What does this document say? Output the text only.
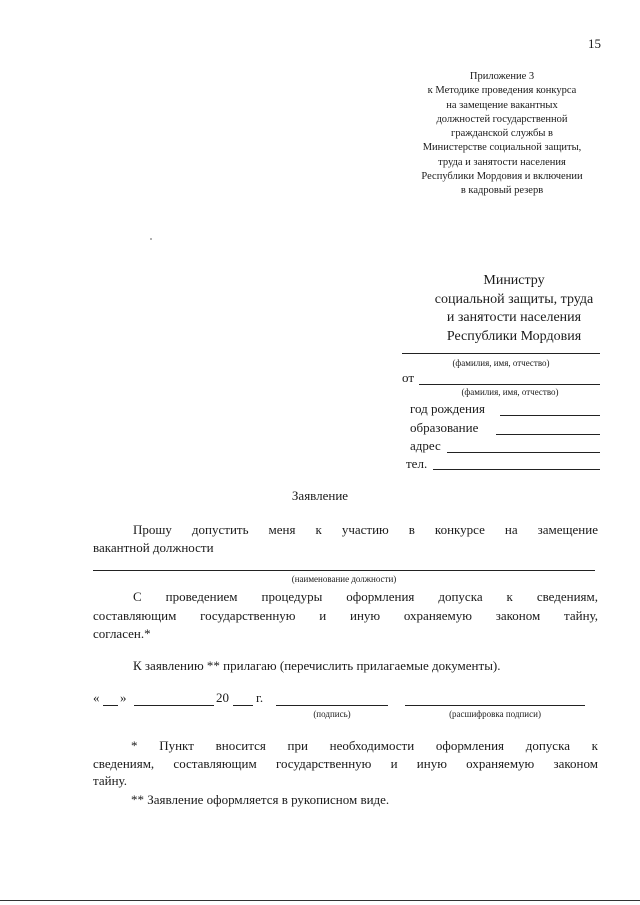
15
Приложение 3
к Методике проведения конкурса
на замещение вакантных
должностей государственной
гражданской службы в
Министерстве социальной защиты,
труда и занятости населения
Республики Мордовия и включении
в кадровый резерв
Министру
социальной защиты, труда
и занятости населения
Республики Мордовия
(фамилия, имя, отчество)
от
(фамилия, имя, отчество)
год рождения
образование
адрес
тел.
Заявление
Прошу допустить меня к участию в конкурсе на замещение
вакантной должности
(наименование должности)
С проведением процедуры оформления допуска к сведениям,
составляющим государственную и иную охраняемую законом тайну,
согласен.*
К заявлению ** прилагаю (перечислить прилагаемые документы).
« »	20 г.
(подпись)	(расшифровка подписи)
* Пункт вносится при необходимости оформления допуска к
сведениям, составляющим государственную и иную охраняемую законом
тайну.
** Заявление оформляется в рукописном виде.
